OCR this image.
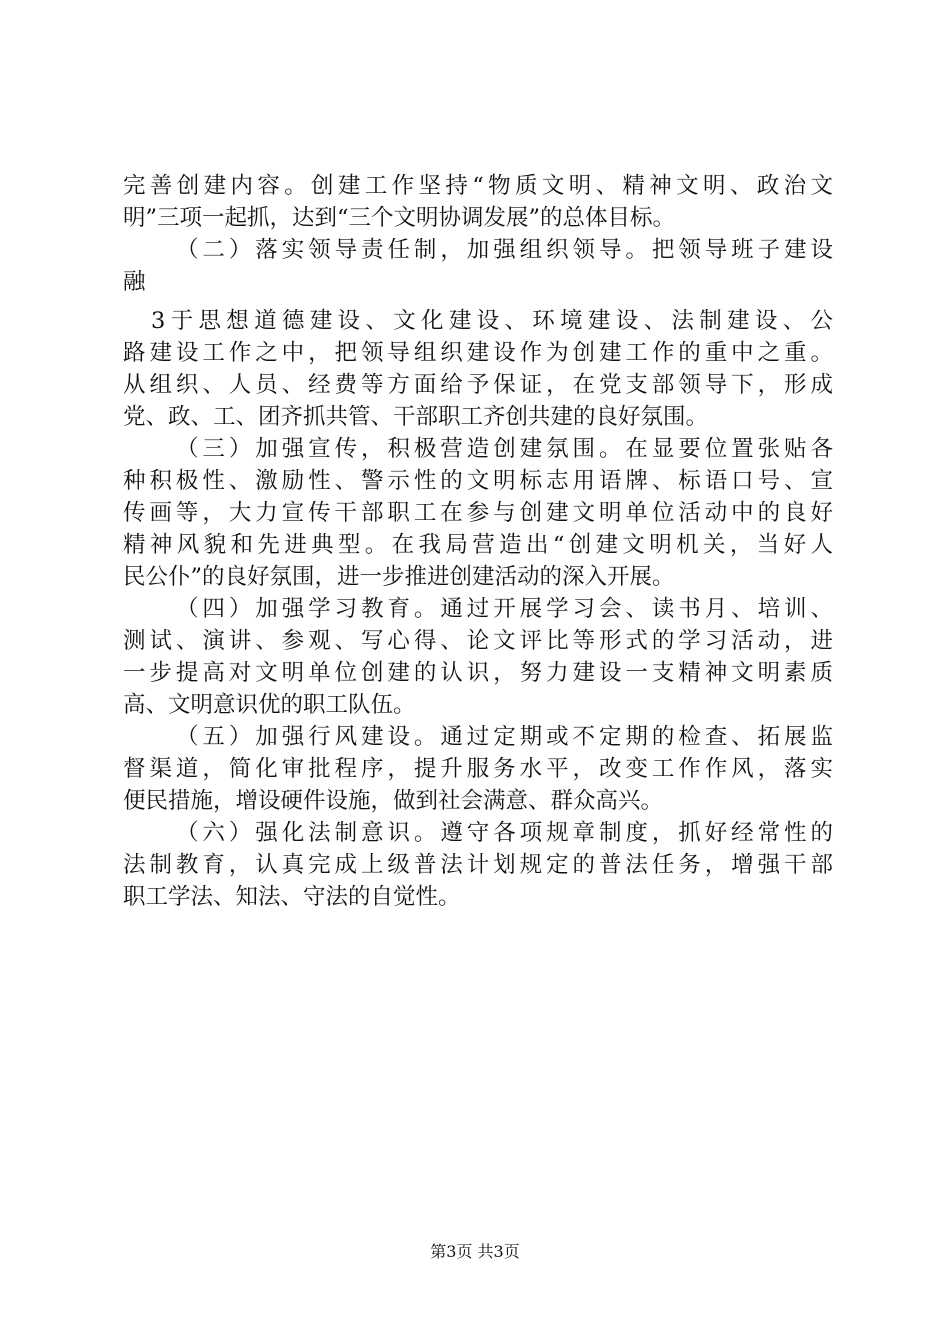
完善创建内容。创建工作坚持“物质文明、精神文明、政治文
明”三项一起抓，达到“三个文明协调发展”的总体目标。
（二）落实领导责任制，加强组织领导。把领导班子建设
融
3于思想道德建设、文化建设、环境建设、法制建设、公
路建设工作之中，把领导组织建设作为创建工作的重中之重。
从组织、人员、经费等方面给予保证，在党支部领导下，形成
党、政、工、团齐抓共管、干部职工齐创共建的良好氛围。
（三）加强宣传，积极营造创建氛围。在显要位置张贴各
种积极性、激励性、警示性的文明标志用语牌、标语口号、宣
传画等，大力宣传干部职工在参与创建文明单位活动中的良好
精神风貌和先进典型。在我局营造出“创建文明机关，当好人
民公仆”的良好氛围，进一步推进创建活动的深入开展。
（四）加强学习教育。通过开展学习会、读书月、培训、
测试、演讲、参观、写心得、论文评比等形式的学习活动，进
一步提高对文明单位创建的认识，努力建设一支精神文明素质
高、文明意识优的职工队伍。
（五）加强行风建设。通过定期或不定期的检查、拓展监
督渠道，简化审批程序，提升服务水平，改变工作作风，落实
便民措施，增设硬件设施，做到社会满意、群众高兴。
（六）强化法制意识。遵守各项规章制度，抓好经常性的
法制教育，认真完成上级普法计划规定的普法任务，增强干部
职工学法、知法、守法的自觉性。
第3页 共3页
